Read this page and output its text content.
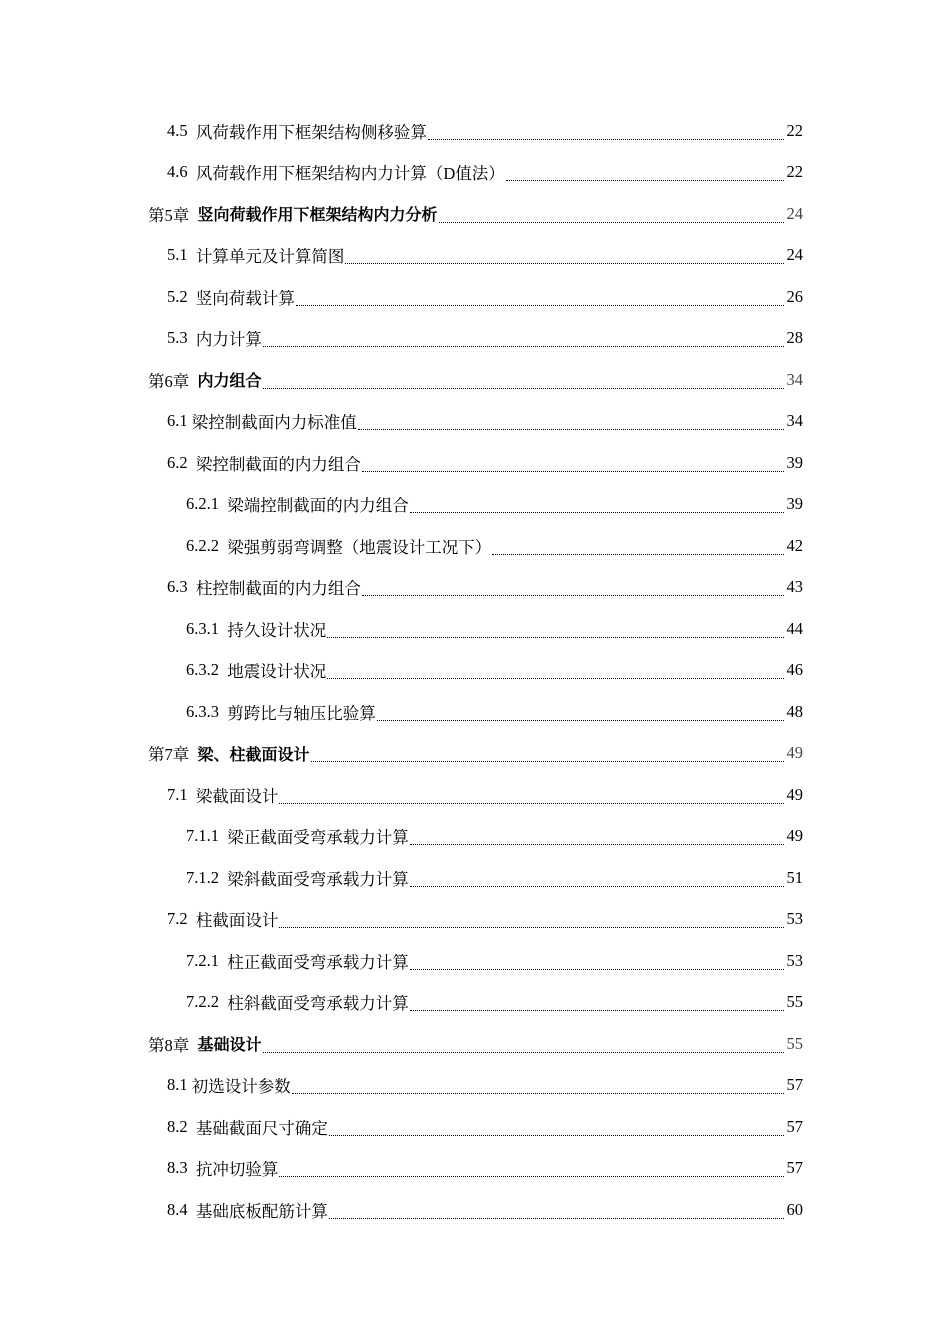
4.5 风荷载作用下框架结构侧移验算	22
4.6 风荷载作用下框架结构内力计算（D值法）	22
第5章 竖向荷载作用下框架结构内力分析	24
5.1 计算单元及计算简图	24
5.2 竖向荷载计算	26
5.3 内力计算	28
第6章 内力组合	34
6.1 梁控制截面内力标准值	34
6.2 梁控制截面的内力组合	39
6.2.1 梁端控制截面的内力组合	39
6.2.2 梁强剪弱弯调整（地震设计工况下）	42
6.3 柱控制截面的内力组合	43
6.3.1 持久设计状况	44
6.3.2 地震设计状况	46
6.3.3 剪跨比与轴压比验算	48
第7章 梁、柱截面设计	49
7.1 梁截面设计	49
7.1.1 梁正截面受弯承载力计算	49
7.1.2 梁斜截面受弯承载力计算	51
7.2 柱截面设计	53
7.2.1 柱正截面受弯承载力计算	53
7.2.2 柱斜截面受弯承载力计算	55
第8章 基础设计	55
8.1 初选设计参数	57
8.2 基础截面尺寸确定	57
8.3 抗冲切验算	57
8.4 基础底板配筋计算	60
